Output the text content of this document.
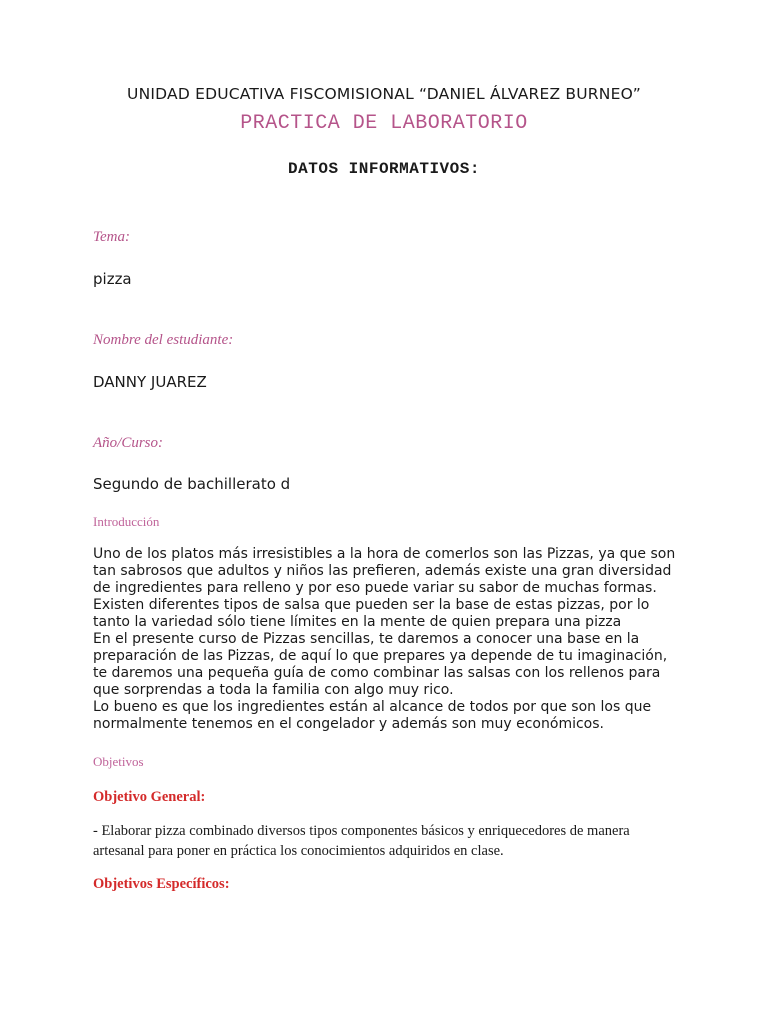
UNIDAD EDUCATIVA FISCOMISIONAL “DANIEL ÁLVAREZ BURNEO”
PRACTICA DE LABORATORIO
DATOS INFORMATIVOS:
Tema:
pizza
Nombre del estudiante:
DANNY JUAREZ
Año/Curso:
Segundo de bachillerato d
Introducción
Uno de los platos más irresistibles a la hora de comerlos son las Pizzas, ya que son
tan sabrosos que adultos y niños las prefieren, además existe una gran diversidad
de ingredientes para relleno y por eso puede variar su sabor de muchas formas.
Existen diferentes tipos de salsa que pueden ser la base de estas pizzas, por lo
tanto la variedad sólo tiene límites en la mente de quien prepara una pizza
En el presente curso de Pizzas sencillas, te daremos a conocer una base en la
preparación de las Pizzas, de aquí lo que prepares ya depende de tu imaginación,
te daremos una pequeña guía de como combinar las salsas con los rellenos para
que sorprendas a toda la familia con algo muy rico.
Lo bueno es que los ingredientes están al alcance de todos por que son los que
normalmente tenemos en el congelador y además son muy económicos.
Objetivos
Objetivo General:
- Elaborar pizza combinado diversos tipos componentes básicos y enriquecedores de manera
artesanal para poner en práctica los conocimientos adquiridos en clase.
Objetivos Específicos:
